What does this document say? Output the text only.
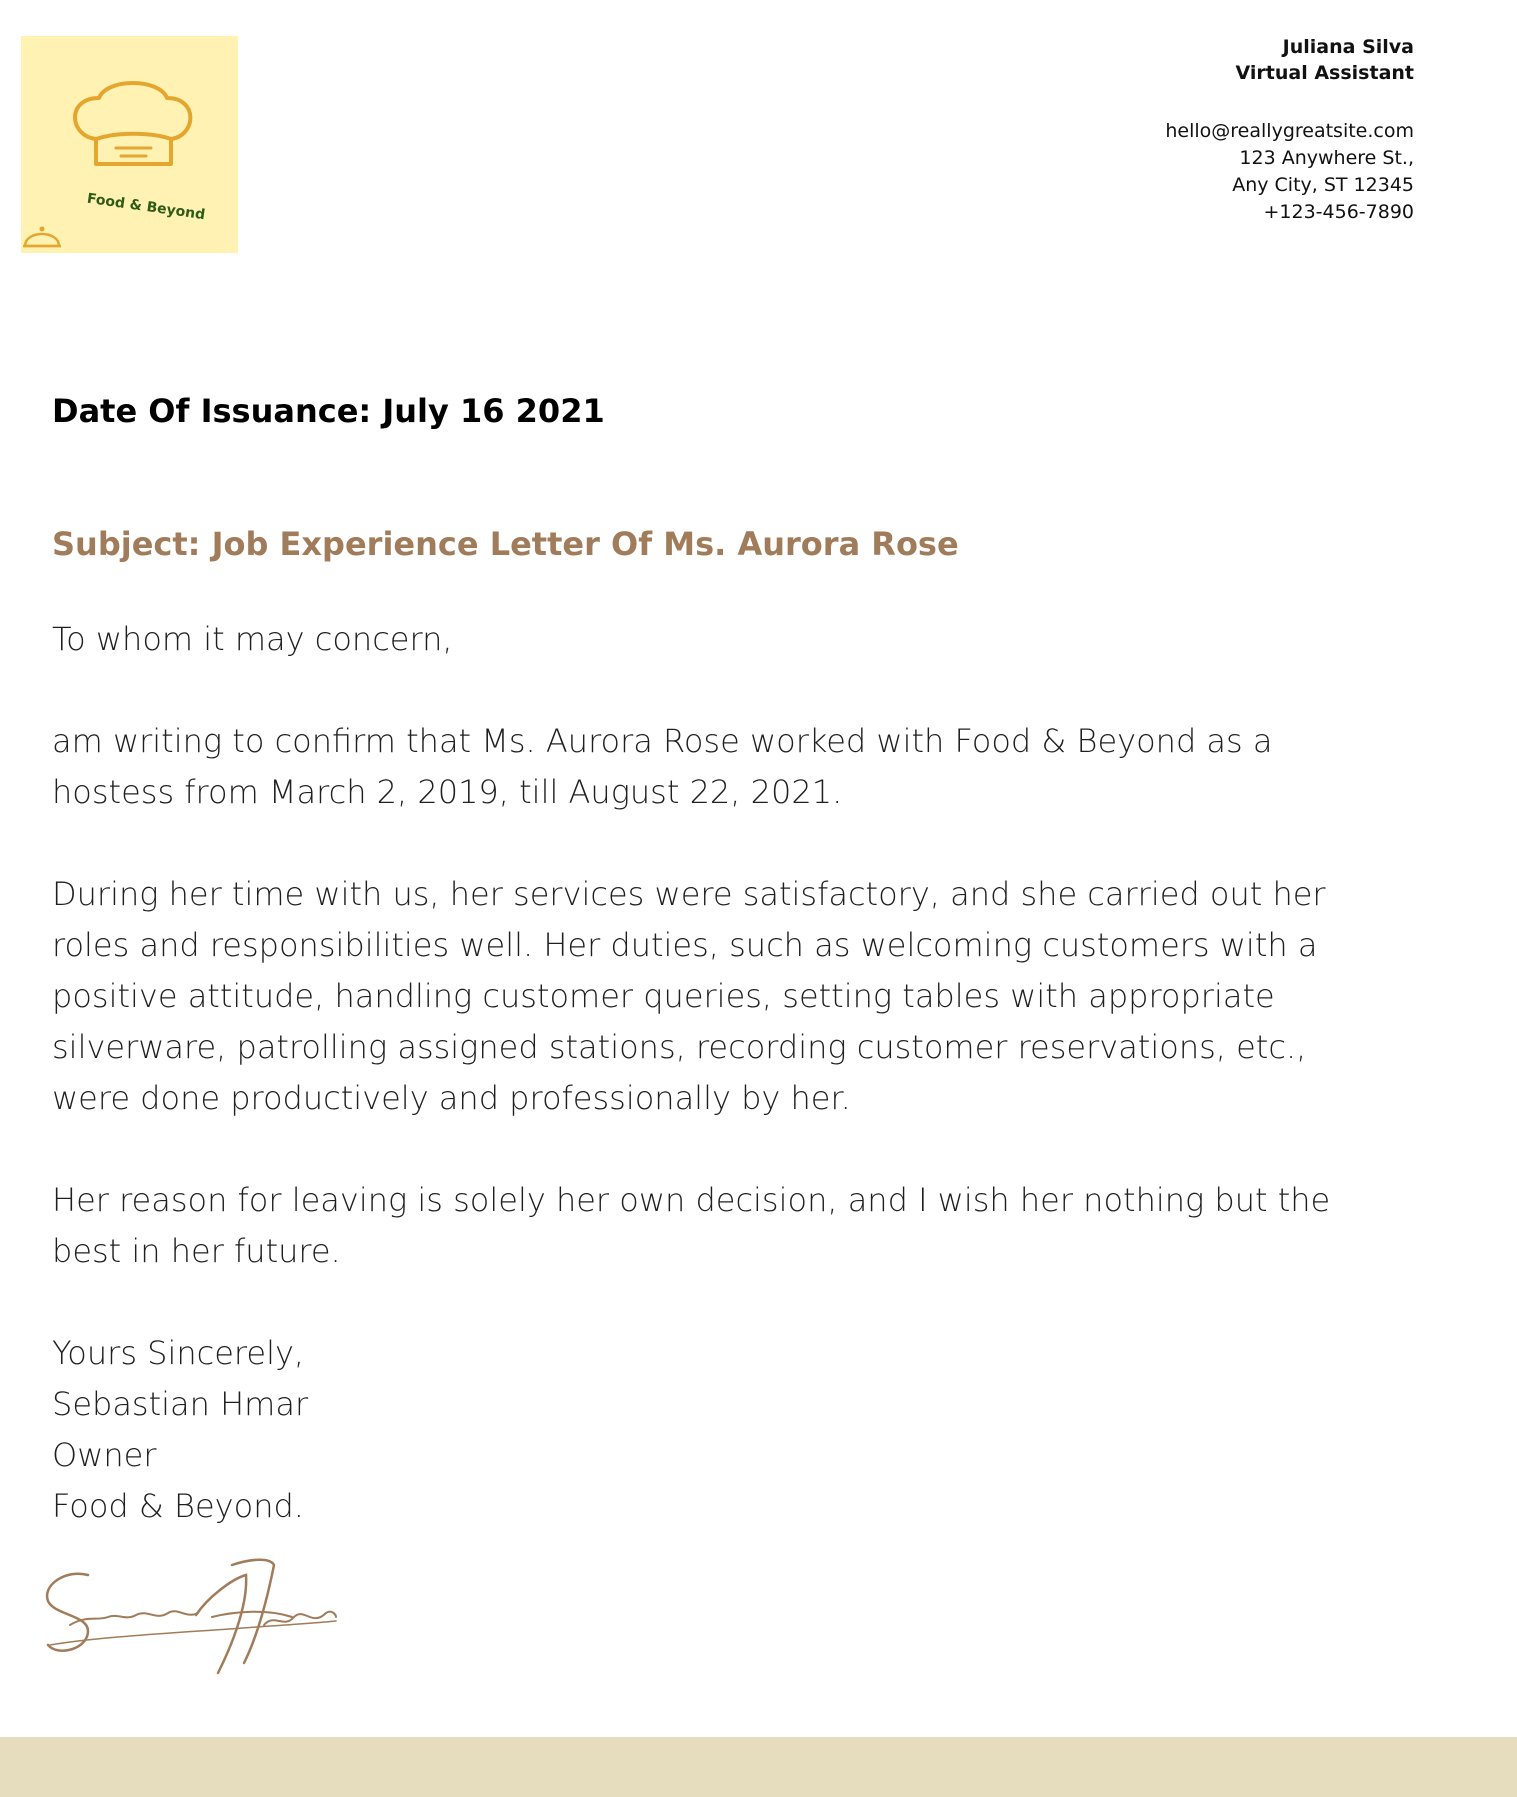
Food & Beyond
Juliana Silva
Virtual Assistant
hello@reallygreatsite.com
123 Anywhere St.,
Any City, ST 12345
+123-456-7890
Date Of Issuance: July 16 2021
Subject: Job Experience Letter Of Ms. Aurora Rose

To whom it may concern,

am writing to confirm that Ms. Aurora Rose worked with Food & Beyond as a hostess from March 2, 2019, till August 22, 2021.

During her time with us, her services were satisfactory, and she carried out her roles and responsibilities well. Her duties, such as welcoming customers with a positive attitude, handling customer queries, setting tables with appropriate silverware, patrolling assigned stations, recording customer reservations, etc., were done productively and professionally by her.

Her reason for leaving is solely her own decision, and I wish her nothing but the best in her future.

Yours Sincerely,
Sebastian Hmar
Owner
Food & Beyond.
